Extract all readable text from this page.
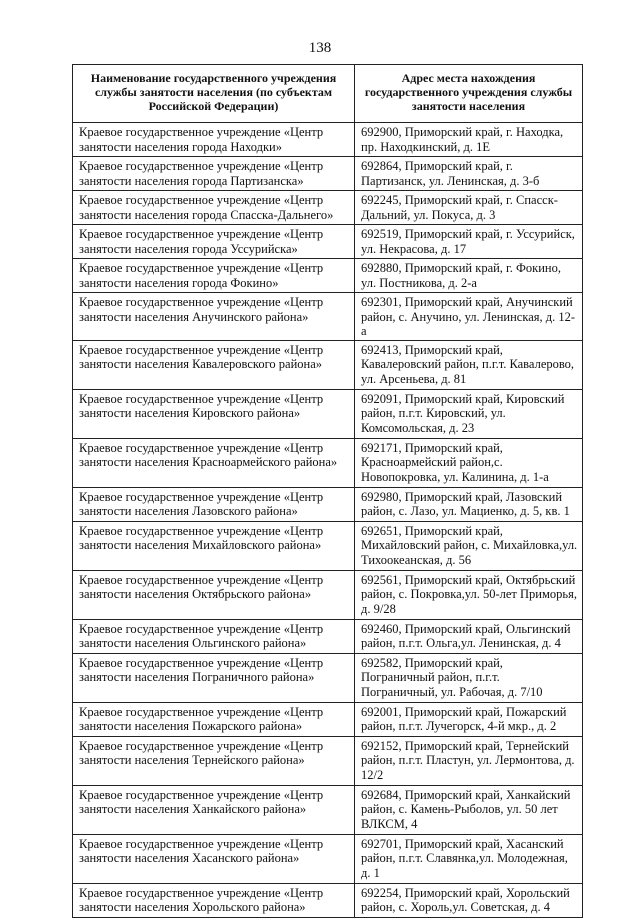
138
Наименование государственного учреждения службы занятости населения (по субъектам Российской Федерации)	Адрес места нахождения государственного учреждения службы занятости населения
Краевое государственное учреждение «Центр занятости населения города Находки»	692900, Приморский край, г. Находка, пр. Находкинский, д. 1Е
Краевое государственное учреждение «Центр занятости населения города Партизанска»	692864, Приморский край, г. Партизанск, ул. Ленинская, д. 3-б
Краевое государственное учреждение «Центр занятости населения города Спасска-Дальнего»	692245, Приморский край, г. Спасск-Дальний, ул. Покуса, д. 3
Краевое государственное учреждение «Центр занятости населения города Уссурийска»	692519, Приморский край, г. Уссурийск, ул. Некрасова, д. 17
Краевое государственное учреждение «Центр занятости населения города Фокино»	692880, Приморский край, г. Фокино, ул. Постникова, д. 2-а
Краевое государственное учреждение «Центр занятости населения Анучинского района»	692301, Приморский край, Анучинский район, с. Анучино, ул. Ленинская, д. 12-а
Краевое государственное учреждение «Центр занятости населения Кавалеровского района»	692413, Приморский край, Кавалеровский район, п.г.т. Кавалерово, ул. Арсеньева, д. 81
Краевое государственное учреждение «Центр занятости населения Кировского района»	692091, Приморский край, Кировский район, п.г.т. Кировский, ул. Комсомольская, д. 23
Краевое государственное учреждение «Центр занятости населения Красноармейского района»	692171, Приморский край, Красноармейский район,с. Новопокровка, ул. Калинина, д. 1-а
Краевое государственное учреждение «Центр занятости населения Лазовского района»	692980, Приморский край, Лазовский район, с. Лазо, ул. Мациенко, д. 5, кв. 1
Краевое государственное учреждение «Центр занятости населения Михайловского района»	692651, Приморский край, Михайловский район, с. Михайловка,ул. Тихоокеанская, д. 56
Краевое государственное учреждение «Центр занятости населения Октябрьского района»	692561, Приморский край, Октябрьский район, с. Покровка,ул. 50-лет Приморья, д. 9/28
Краевое государственное учреждение «Центр занятости населения Ольгинского района»	692460, Приморский край, Ольгинский район, п.г.т. Ольга,ул. Ленинская, д. 4
Краевое государственное учреждение «Центр занятости населения Пограничного района»	692582, Приморский край, Пограничный район, п.г.т. Пограничный, ул. Рабочая, д. 7/10
Краевое государственное учреждение «Центр занятости населения Пожарского района»	692001, Приморский край, Пожарский район, п.г.т. Лучегорск, 4-й мкр., д. 2
Краевое государственное учреждение «Центр занятости населения Тернейского района»	692152, Приморский край, Тернейский район, п.г.т. Пластун, ул. Лермонтова, д. 12/2
Краевое государственное учреждение «Центр занятости населения Ханкайского района»	692684, Приморский край, Ханкайский район, с. Камень-Рыболов, ул. 50 лет ВЛКСМ, 4
Краевое государственное учреждение «Центр занятости населения Хасанского района»	692701, Приморский край, Хасанский район, п.г.т. Славянка,ул. Молодежная, д. 1
Краевое государственное учреждение «Центр занятости населения Хорольского района»	692254, Приморский край, Хорольский район, с. Хороль,ул. Советская, д. 4
